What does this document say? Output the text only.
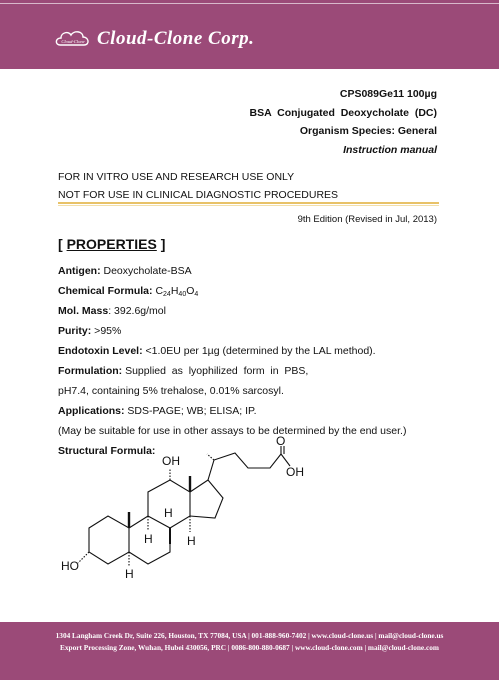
Cloud-Clone Cloud-Clone Corp.
CPS089Ge11 100µg
BSA  Conjugated  Deoxycholate  (DC)
Organism Species: General
Instruction manual
FOR IN VITRO USE AND RESEARCH USE ONLY
NOT FOR USE IN CLINICAL DIAGNOSTIC PROCEDURES
9th Edition (Revised in Jul, 2013)
[ PROPERTIES ]
Antigen: Deoxycholate-BSA
Chemical Formula: $C_{24}H_{40}O_4$
Mol. Mass: 392.6g/mol
Purity: >95%
Endotoxin Level: <1.0EU per 1µg (determined by the LAL method).
Formulation: Supplied  as  lyophilized  form  in  PBS,
pH7.4, containing 5% trehalose, 0.01% sarcosyl.
Applications: SDS-PAGE; WB; ELISA; IP.
(May be suitable for use in other assays to be determined by the end user.)
Structural Formula:
OH
HO
O
OH
H
H
H
H
1304 Langham Creek Dr, Suite 226, Houston, TX 77084, USA | 001-888-960-7402 | www.cloud-clone.us | mail@cloud-clone.us
Export Processing Zone, Wuhan, Hubei 430056, PRC | 0086-800-880-0687 | www.cloud-clone.com | mail@cloud-clone.com
